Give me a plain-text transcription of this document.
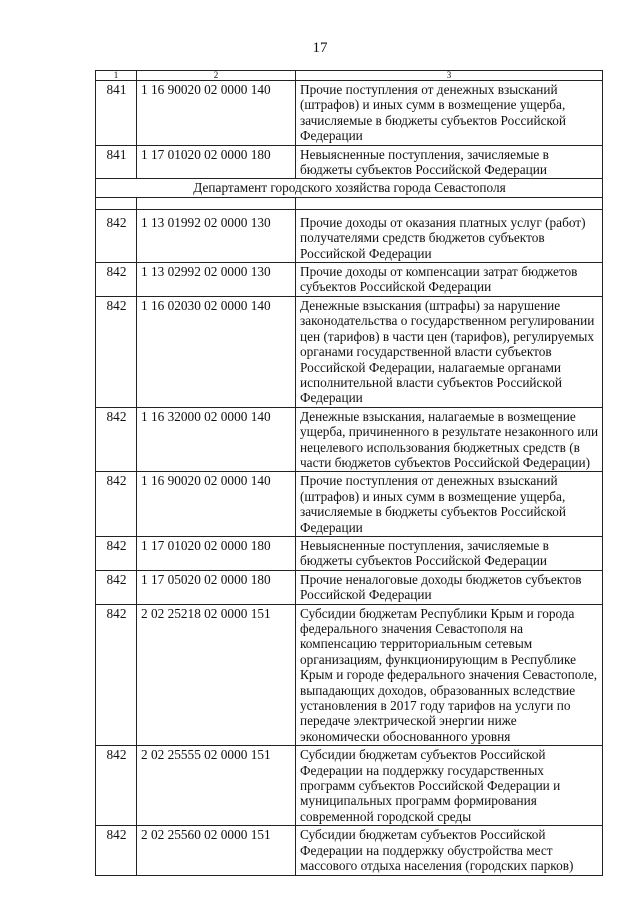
17
1	2	3
841	1 16 90020 02 0000 140	Прочие поступления от денежных взысканий (штрафов) и иных сумм в возмещение ущерба, зачисляемые в бюджеты субъектов Российской Федерации
841	1 17 01020 02 0000 180	Невыясненные поступления, зачисляемые в бюджеты субъектов Российской Федерации
Департамент городского хозяйства города Севастополя		

842	1 13 01992 02 0000 130	Прочие доходы от оказания платных услуг (работ) получателями средств бюджетов субъектов Российской Федерации
842	1 13 02992 02 0000 130	Прочие доходы от компенсации затрат бюджетов субъектов Российской Федерации
842	1 16 02030 02 0000 140	Денежные взыскания (штрафы) за нарушение законодательства о государственном регулировании цен (тарифов) в части цен (тарифов), регулируемых органами государственной власти субъектов Российской Федерации, налагаемые органами исполнительной власти субъектов Российской Федерации
842	1 16 32000 02 0000 140	Денежные взыскания, налагаемые в возмещение ущерба, причиненного в результате незаконного или нецелевого использования бюджетных средств (в части бюджетов субъектов Российской Федерации)
842	1 16 90020 02 0000 140	Прочие поступления от денежных взысканий (штрафов) и иных сумм в возмещение ущерба, зачисляемые в бюджеты субъектов Российской Федерации
842	1 17 01020 02 0000 180	Невыясненные поступления, зачисляемые в бюджеты субъектов Российской Федерации
842	1 17 05020 02 0000 180	Прочие неналоговые доходы бюджетов субъектов Российской Федерации
842	2 02 25218 02 0000 151	Субсидии бюджетам Республики Крым и города федерального значения Севастополя на компенсацию территориальным сетевым организациям, функционирующим в Республике Крым и городе федерального значения Севастополе, выпадающих доходов, образованных вследствие установления в 2017 году тарифов на услуги по передаче электрической энергии ниже экономически обоснованного уровня
842	2 02 25555 02 0000 151	Субсидии бюджетам субъектов Российской Федерации на поддержку государственных программ субъектов Российской Федерации и муниципальных программ формирования современной городской среды
842	2 02 25560 02 0000 151	Субсидии бюджетам субъектов Российской Федерации на поддержку обустройства мест массового отдыха населения (городских парков)
